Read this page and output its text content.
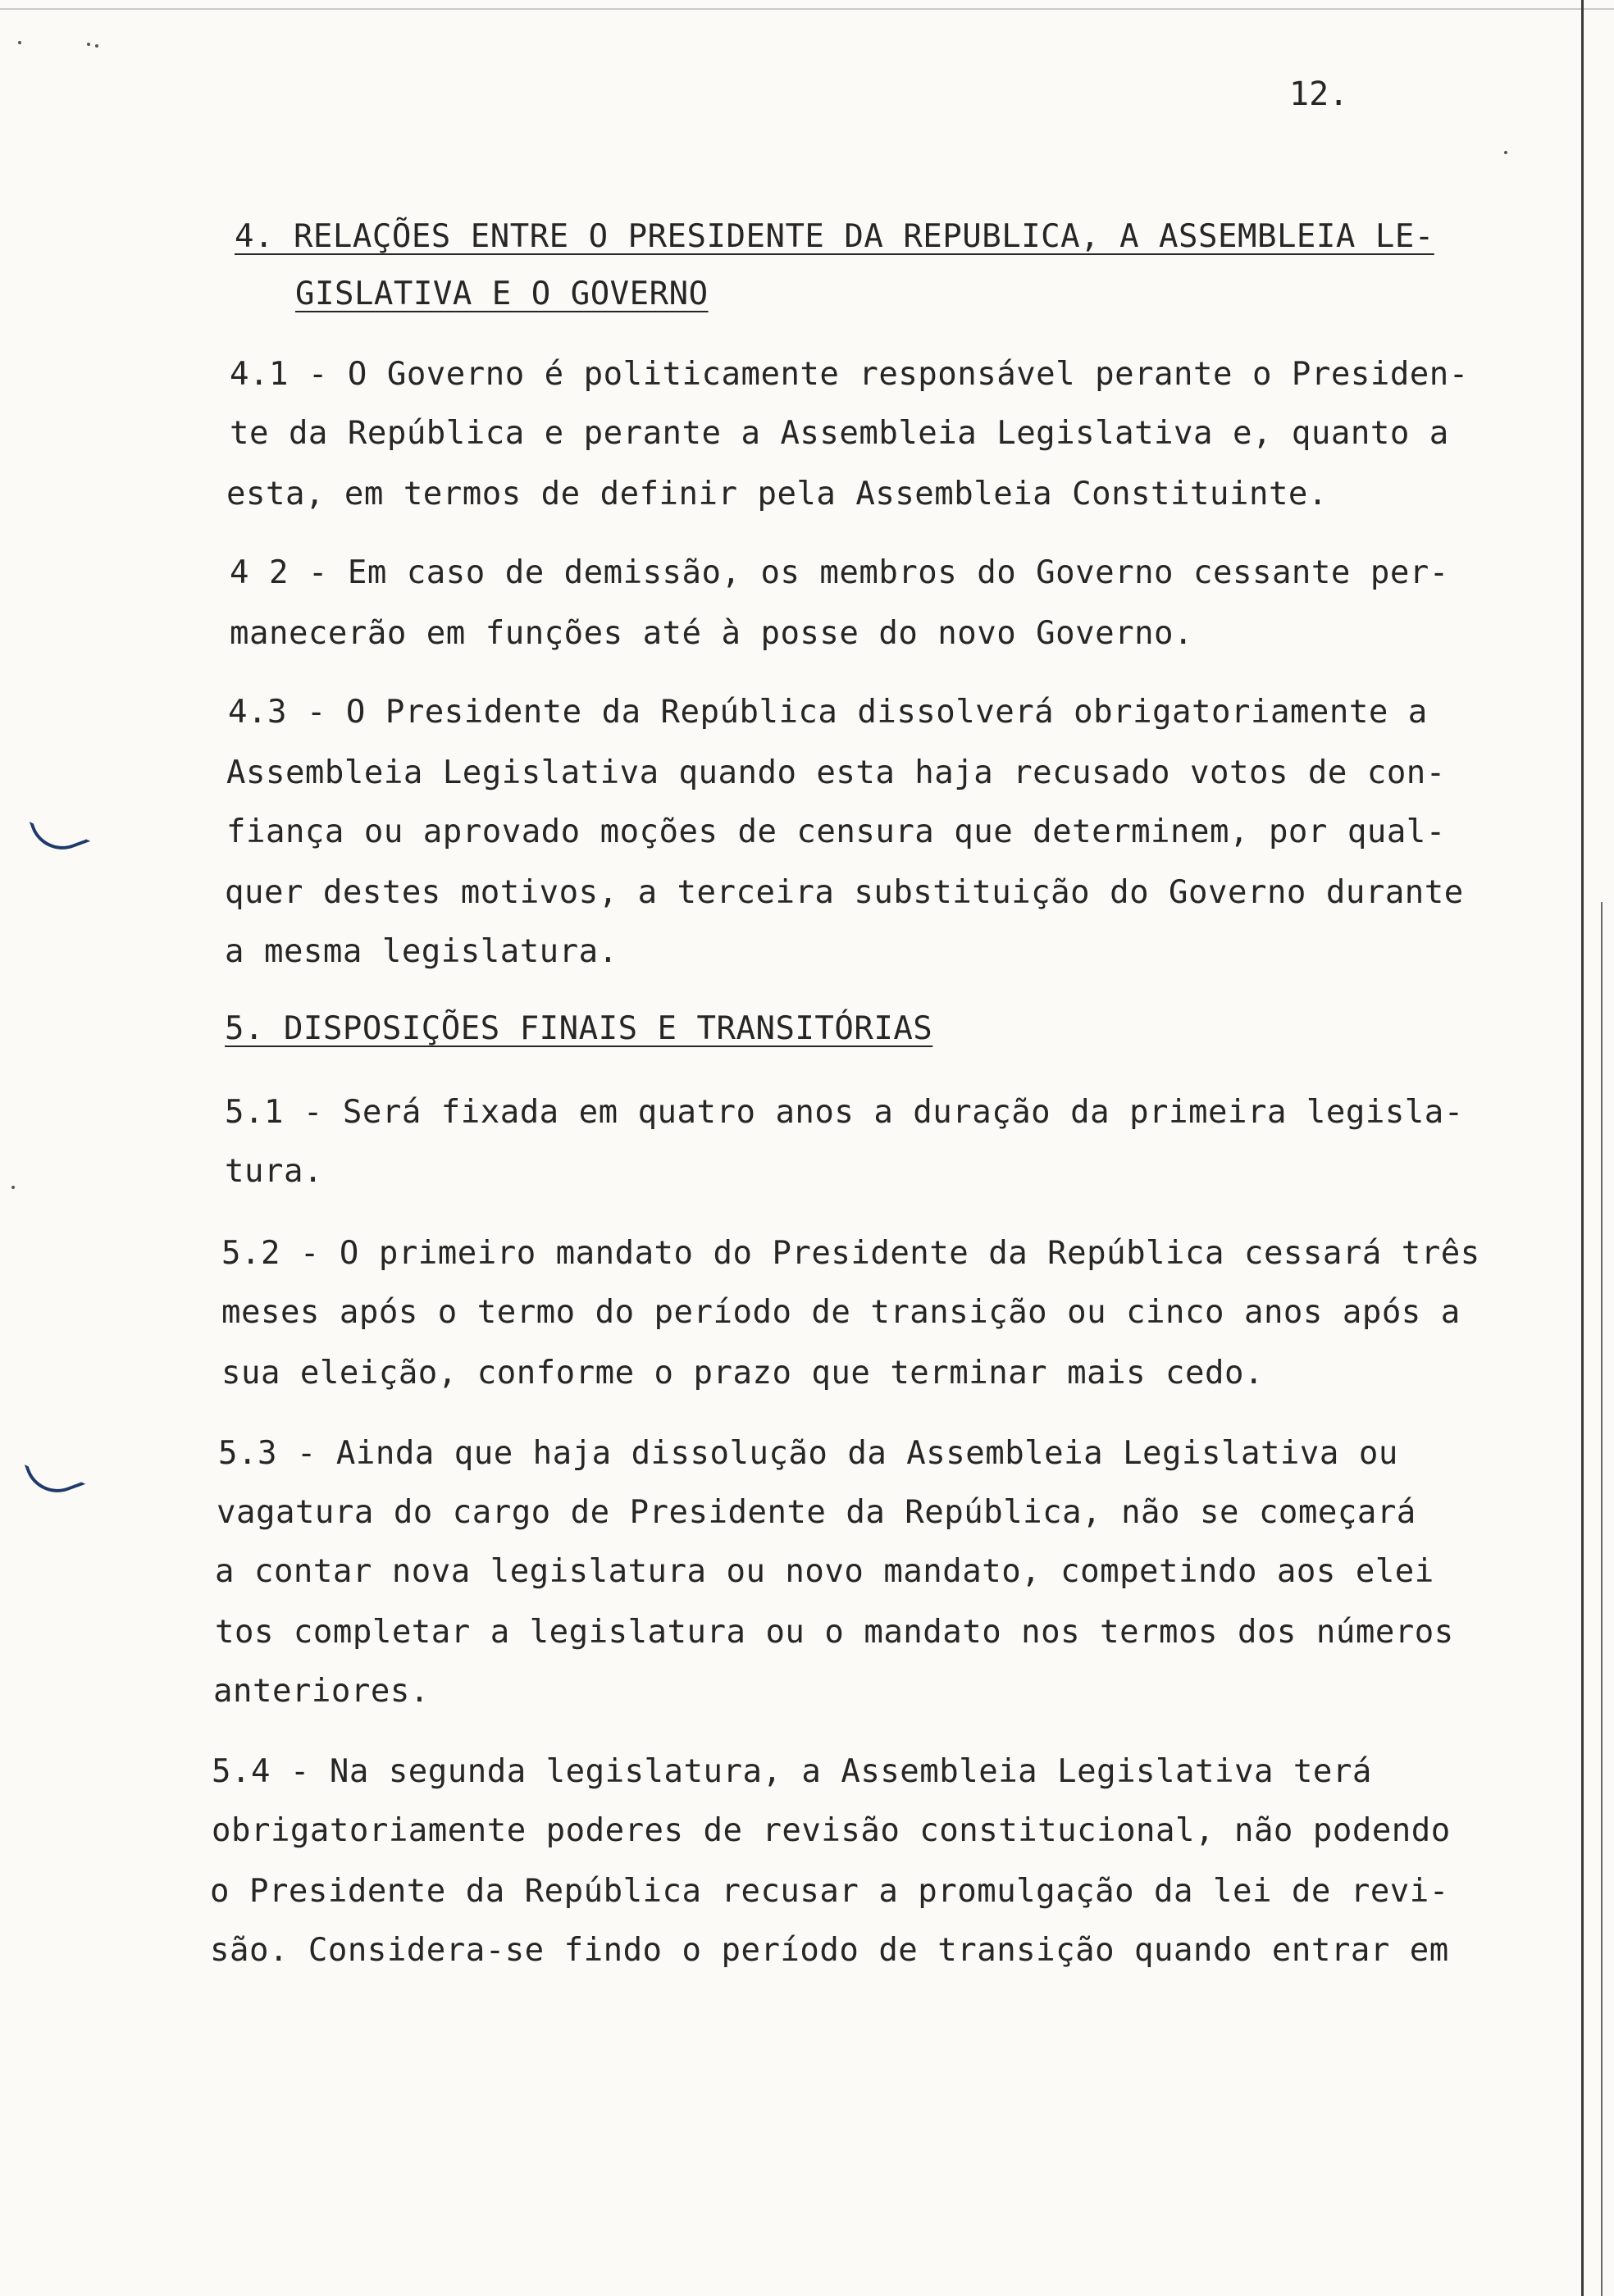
12.
4. RELAÇÕES ENTRE O PRESIDENTE DA REPUBLICA, A ASSEMBLEIA LE-
GISLATIVA E O GOVERNO
4.1 - O Governo é politicamente responsável perante o Presiden-
te da República e perante a Assembleia Legislativa e, quanto a
esta, em termos de definir pela Assembleia Constituinte.
4 2 - Em caso de demissão, os membros do Governo cessante per-
manecerão em funções até à posse do novo Governo.
4.3 - O Presidente da República dissolverá obrigatoriamente a
Assembleia Legislativa quando esta haja recusado votos de con-
fiança ou aprovado moções de censura que determinem, por qual-
quer destes motivos, a terceira substituição do Governo durante
a mesma legislatura.
5. DISPOSIÇÕES FINAIS E TRANSITÓRIAS
5.1 - Será fixada em quatro anos a duração da primeira legisla-
tura.
5.2 - O primeiro mandato do Presidente da República cessará três
meses após o termo do período de transição ou cinco anos após a
sua eleição, conforme o prazo que terminar mais cedo.
5.3 - Ainda que haja dissolução da Assembleia Legislativa ou
vagatura do cargo de Presidente da República, não se começará
a contar nova legislatura ou novo mandato, competindo aos elei
tos completar a legislatura ou o mandato nos termos dos números
anteriores.
5.4 - Na segunda legislatura, a Assembleia Legislativa terá
obrigatoriamente poderes de revisão constitucional, não podendo
o Presidente da República recusar a promulgação da lei de revi-
são. Considera-se findo o período de transição quando entrar em
